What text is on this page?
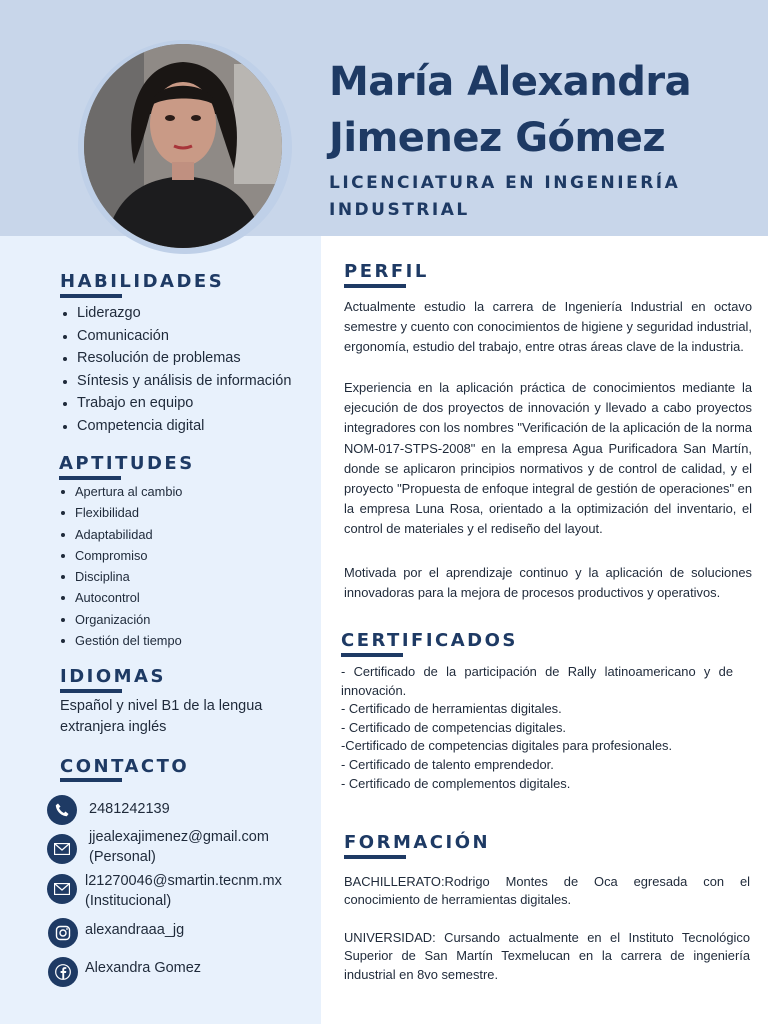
María Alexandra
Jimenez Gómez
LICENCIATURA EN INGENIERÍA
INDUSTRIAL
HABILIDADES
Liderazgo
Comunicación
Resolución de problemas
Síntesis y análisis de información
Trabajo en equipo
Competencia digital
APTITUDES
Apertura al cambio
Flexibilidad
Adaptabilidad
Compromiso
Disciplina
Autocontrol
Organización
Gestión del tiempo
IDIOMAS
Español y nivel B1 de la lengua
extranjera inglés
CONTACTO
2481242139
jjealexajimenez@gmail.com
(Personal)
l21270046@smartin.tecnm.mx
(Institucional)
alexandraaa_jg
Alexandra Gomez
PERFIL
Actualmente estudio la carrera de Ingeniería Industrial en octavo semestre y cuento con conocimientos de higiene y seguridad industrial, ergonomía, estudio del trabajo, entre otras áreas clave de la industria.
Experiencia en la aplicación práctica de conocimientos mediante la ejecución de dos proyectos de innovación y llevado a cabo proyectos integradores con los nombres "Verificación de la aplicación de la norma NOM-017-STPS-2008" en la empresa Agua Purificadora San Martín, donde se aplicaron principios normativos y de control de calidad, y el proyecto "Propuesta de enfoque integral de gestión de operaciones" en la empresa Luna Rosa, orientado a la optimización del inventario, el control de materiales y el rediseño del layout.
Motivada por el aprendizaje continuo y la aplicación de soluciones innovadoras para la mejora de procesos productivos y operativos.
CERTIFICADOS
- Certificado de la participación de Rally latinoamericano y de innovación.
- Certificado de herramientas digitales.
- Certificado de competencias digitales.
-Certificado de competencias digitales para profesionales.
- Certificado de talento emprendedor.
- Certificado de complementos digitales.
FORMACIÓN
BACHILLERATO:Rodrigo Montes de Oca egresada con el conocimiento de herramientas digitales.
UNIVERSIDAD: Cursando actualmente en el Instituto Tecnológico Superior de San Martín Texmelucan en la carrera de ingeniería industrial en 8vo semestre.
